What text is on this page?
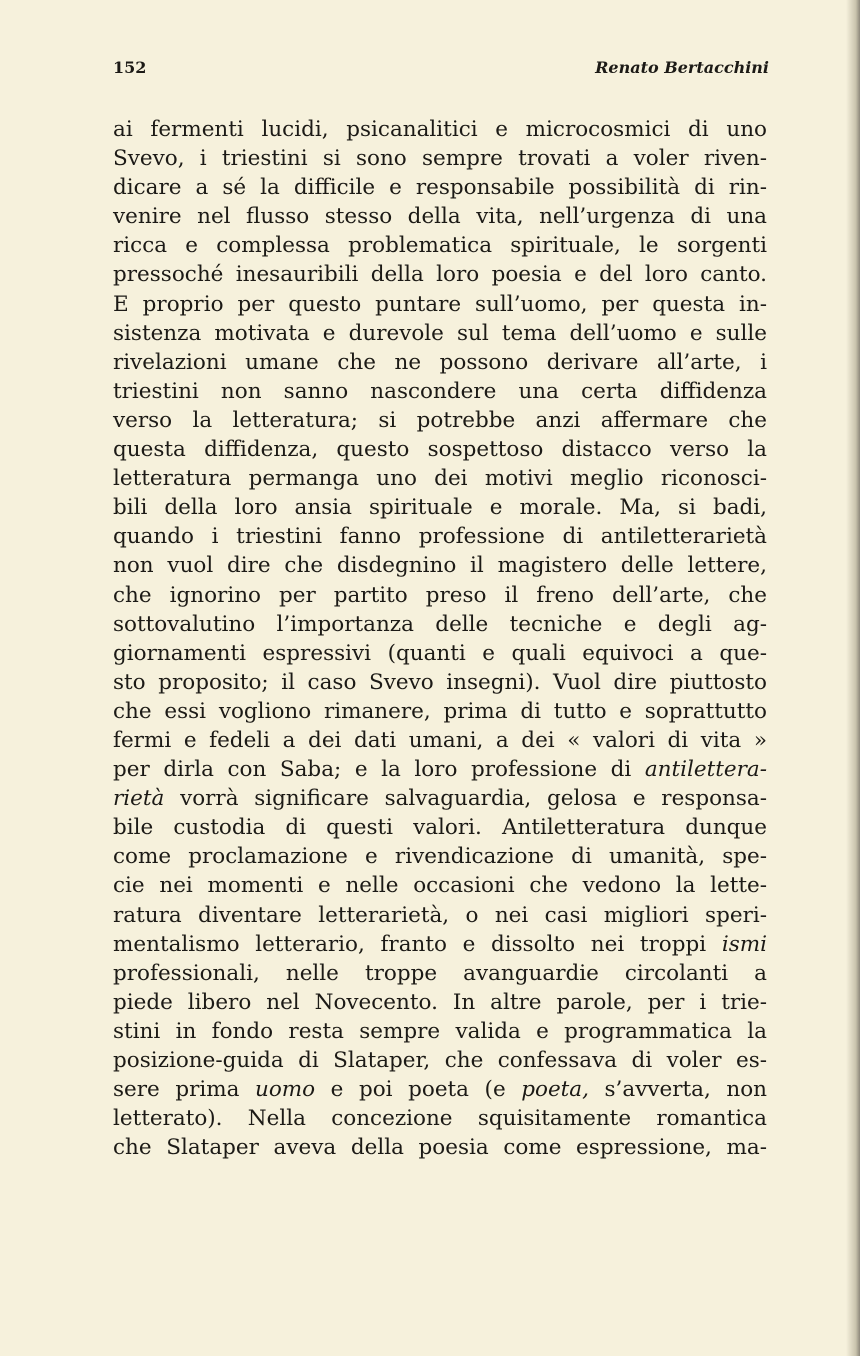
152	Renato Bertacchini
ai fermenti lucidi, psicanalitici e microcosmici di uno
Svevo, i triestini si sono sempre trovati a voler riven-
dicare a sé la difficile e responsabile possibilità di rin-
venire nel flusso stesso della vita, nell’urgenza di una
ricca e complessa problematica spirituale, le sorgenti
pressoché inesauribili della loro poesia e del loro canto.
E proprio per questo puntare sull’uomo, per questa in-
sistenza motivata e durevole sul tema dell’uomo e sulle
rivelazioni umane che ne possono derivare all’arte, i
triestini non sanno nascondere una certa diffidenza
verso la letteratura; si potrebbe anzi affermare che
questa diffidenza, questo sospettoso distacco verso la
letteratura permanga uno dei motivi meglio riconosci-
bili della loro ansia spirituale e morale. Ma, si badi,
quando i triestini fanno professione di antiletterarietà
non vuol dire che disdegnino il magistero delle lettere,
che ignorino per partito preso il freno dell’arte, che
sottovalutino l’importanza delle tecniche e degli ag-
giornamenti espressivi (quanti e quali equivoci a que-
sto proposito; il caso Svevo insegni). Vuol dire piuttosto
che essi vogliono rimanere, prima di tutto e soprattutto
fermi e fedeli a dei dati umani, a dei « valori di vita »
per dirla con Saba; e la loro professione di antilettera-
rietà vorrà significare salvaguardia, gelosa e responsa-
bile custodia di questi valori. Antiletteratura dunque
come proclamazione e rivendicazione di umanità, spe-
cie nei momenti e nelle occasioni che vedono la lette-
ratura diventare letterarietà, o nei casi migliori speri-
mentalismo letterario, franto e dissolto nei troppi ismi
professionali, nelle troppe avanguardie circolanti a
piede libero nel Novecento. In altre parole, per i trie-
stini in fondo resta sempre valida e programmatica la
posizione-guida di Slataper, che confessava di voler es-
sere prima uomo e poi poeta (e poeta, s’avverta, non
letterato). Nella concezione squisitamente romantica
che Slataper aveva della poesia come espressione, ma-
